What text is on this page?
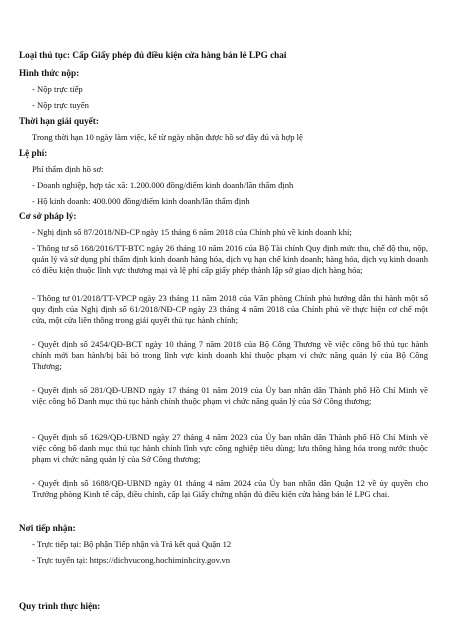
Loại thủ tục: Cấp Giấy phép đủ điều kiện cửa hàng bán lẻ LPG chai
Hình thức nộp:
- Nộp trực tiếp
- Nộp trực tuyến
Thời hạn giải quyết:
Trong thời hạn 10 ngày làm việc, kể từ ngày nhận được hồ sơ đầy đủ và hợp lệ
Lệ phí:
Phí thẩm định hồ sơ:
- Doanh nghiệp, hợp tác xã: 1.200.000 đồng/điểm kinh doanh/lần thẩm định
- Hộ kinh doanh: 400.000 đồng/điểm kinh doanh/lần thẩm định
Cơ sở pháp lý:
- Nghị định số 87/2018/NĐ-CP ngày 15 tháng 6 năm 2018 của Chính phủ về kinh doanh khí;
- Thông tư số 168/2016/TT-BTC ngày 26 tháng 10 năm 2016 của Bộ Tài chính Quy định mức thu, chế độ thu, nộp, quản lý và sử dụng phí thẩm định kinh doanh hàng hóa, dịch vụ hạn chế kinh doanh; hàng hóa, dịch vụ kinh doanh có điều kiện thuộc lĩnh vực thương mại và lệ phí cấp giấy phép thành lập sở giao dịch hàng hóa;
- Thông tư 01/2018/TT-VPCP ngày 23 tháng 11 năm 2018 của Văn phòng Chính phủ hướng dẫn thi hành một số quy định của Nghị định số 61/2018/NĐ-CP ngày 23 tháng 4 năm 2018 của Chính phủ về thực hiện cơ chế một cửa, một cửa liên thông trong giải quyết thủ tục hành chính;
- Quyết định số 2454/QĐ-BCT ngày 10 tháng 7 năm 2018 của Bộ Công Thương về việc công bố thủ tục hành chính mới ban hành/bị bãi bỏ trong lĩnh vực kinh doanh khí thuộc phạm vi chức năng quản lý của Bộ Công Thương;
- Quyết định số 281/QĐ-UBND ngày 17 tháng 01 năm 2019 của Ủy ban nhân dân Thành phố Hồ Chí Minh về việc công bố Danh mục thủ tục hành chính thuộc phạm vi chức năng quản lý của Sở Công thương;
- Quyết định số 1629/QĐ-UBND ngày 27 tháng 4 năm 2023 của Ủy ban nhân dân Thành phố Hồ Chí Minh về việc công bố danh mục thủ tục hành chính lĩnh vực công nghiệp tiêu dùng; lưu thông hàng hóa trong nước thuộc phạm vi chức năng quản lý của Sở Công thương;
- Quyết định số 1688/QĐ-UBND ngày 01 tháng 4 năm 2024 của Ủy ban nhân dân Quận 12 về ủy quyền cho Trưởng phòng Kinh tế cấp, điều chỉnh, cấp lại Giấy chứng nhận đủ điều kiện cửa hàng bán lẻ LPG chai.
Nơi tiếp nhận:
- Trực tiếp tại: Bộ phận Tiếp nhận và Trả kết quả Quận 12
- Trực tuyến tại: https://dichvucong.hochiminhcity.gov.vn
Quy trình thực hiện:
